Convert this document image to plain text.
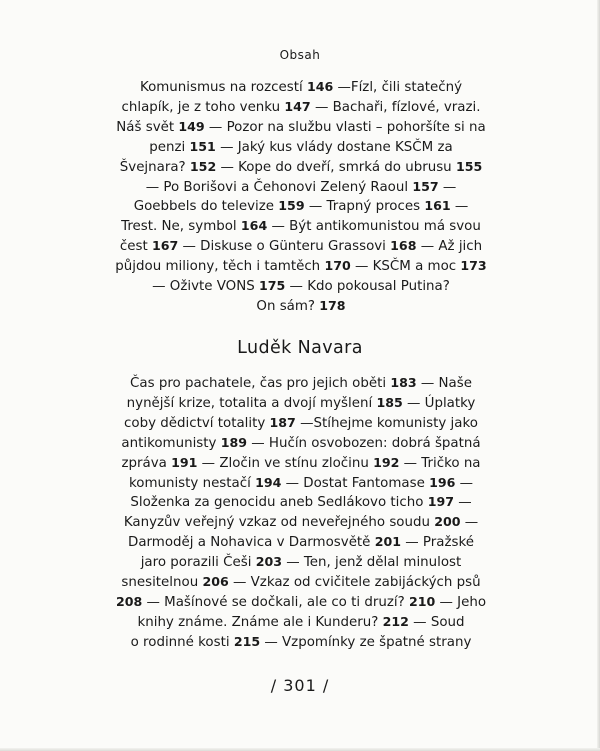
Obsah
Komunismus na rozcestí 146 —Fízl, čili statečný
chlapík, je z toho venku 147 — Bachaři, fízlové, vrazi.
Náš svět 149 — Pozor na službu vlasti – pohoršíte si na
penzi 151 — Jaký kus vlády dostane KSČM za
Švejnara? 152 — Kope do dveří, smrká do ubrusu 155
— Po Borišovi a Čehonovi Zelený Raoul 157 —
Goebbels do televize 159 — Trapný proces 161 —
Trest. Ne, symbol 164 — Být antikomunistou má svou
čest 167 — Diskuse o Günteru Grassovi 168 — Až jich
půjdou miliony, těch i tamtěch 170 — KSČM a moc 173
— Oživte VONS 175 — Kdo pokousal Putina?
On sám? 178
Luděk Navara
Čas pro pachatele, čas pro jejich oběti 183 — Naše
nynější krize, totalita a dvojí myšlení 185 — Úplatky
coby dědictví totality 187 —Stíhejme komunisty jako
antikomunisty 189 — Hučín osvobozen: dobrá špatná
zpráva 191 — Zločin ve stínu zločinu 192 — Tričko na
komunisty nestačí 194 — Dostat Fantomase 196 —
Složenka za genocidu aneb Sedlákovo ticho 197 —
Kanyzův veřejný vzkaz od neveřejného soudu 200 —
Darmoděj a Nohavica v Darmosvětě 201 — Pražské
jaro porazili Češi 203 — Ten, jenž dělal minulost
snesitelnou 206 — Vzkaz od cvičitele zabijáckých psů
208 — Mašínové se dočkali, ale co ti druzí? 210 — Jeho
knihy známe. Známe ale i Kunderu? 212 — Soud
o rodinné kosti 215 — Vzpomínky ze špatné strany
/ 301 /
